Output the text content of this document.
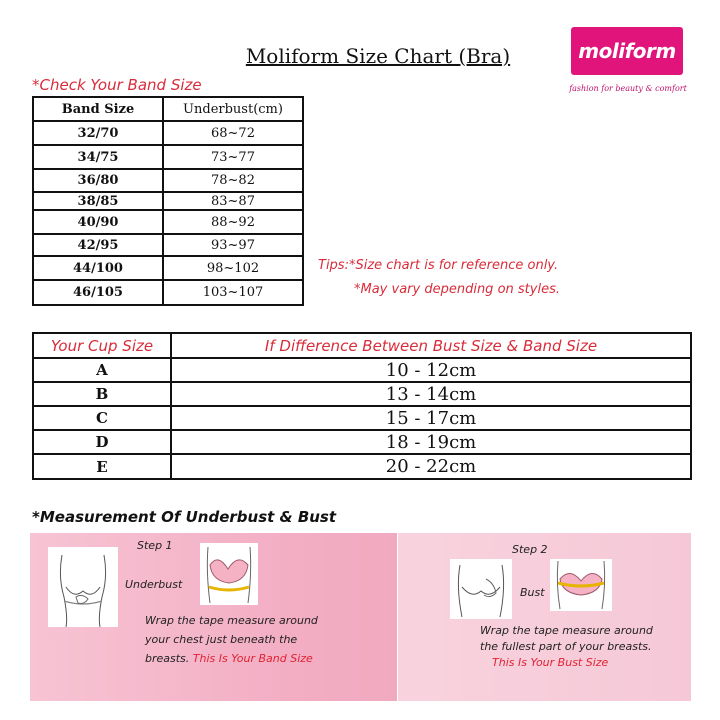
Moliform Size Chart (Bra)	moliform
fashion for beauty & comfort
*Check Your Band Size
Band Size	Underbust(cm)
32/70	68~72
34/75	73~77
36/80	78~82
38/85	83~87
40/90	88~92
42/95	93~97
44/100	98~102
46/105	103~107
Tips:*Size chart is for reference only.
*May vary depending on styles.
Your Cup Size	If Difference Between Bust Size & Band Size
A	10 - 12cm
B	13 - 14cm
C	15 - 17cm
D	18 - 19cm
E	20 - 22cm
*Measurement Of Underbust & Bust
Step 1
Underbust
Wrap the tape measure around
your chest just beneath the
breasts. This Is Your Band Size
Step 2
Bust
Wrap the tape measure around
the fullest part of your breasts.
This Is Your Bust Size
